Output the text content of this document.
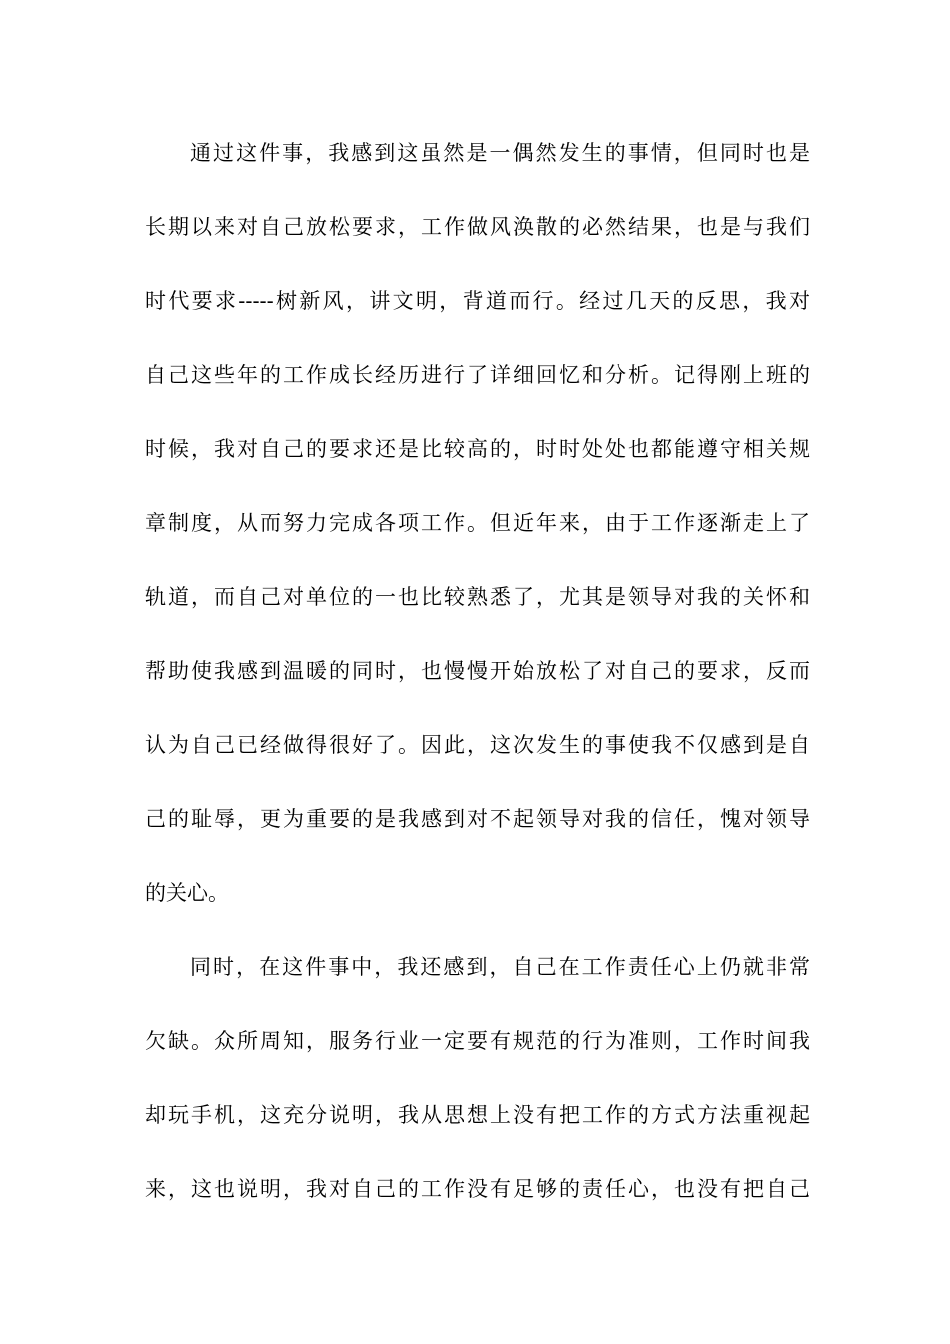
通过这件事，我感到这虽然是一偶然发生的事情，但同时也是
长期以来对自己放松要求，工作做风涣散的必然结果，也是与我们
时代要求-----树新风，讲文明，背道而行。经过几天的反思，我对
自己这些年的工作成长经历进行了详细回忆和分析。记得刚上班的
时候，我对自己的要求还是比较高的，时时处处也都能遵守相关规
章制度，从而努力完成各项工作。但近年来，由于工作逐渐走上了
轨道，而自己对单位的一也比较熟悉了，尤其是领导对我的关怀和
帮助使我感到温暖的同时，也慢慢开始放松了对自己的要求，反而
认为自己已经做得很好了。因此，这次发生的事使我不仅感到是自
己的耻辱，更为重要的是我感到对不起领导对我的信任，愧对领导
的关心。
同时，在这件事中，我还感到，自己在工作责任心上仍就非常
欠缺。众所周知，服务行业一定要有规范的行为准则，工作时间我
却玩手机，这充分说明，我从思想上没有把工作的方式方法重视起
来，这也说明，我对自己的工作没有足够的责任心，也没有把自己
